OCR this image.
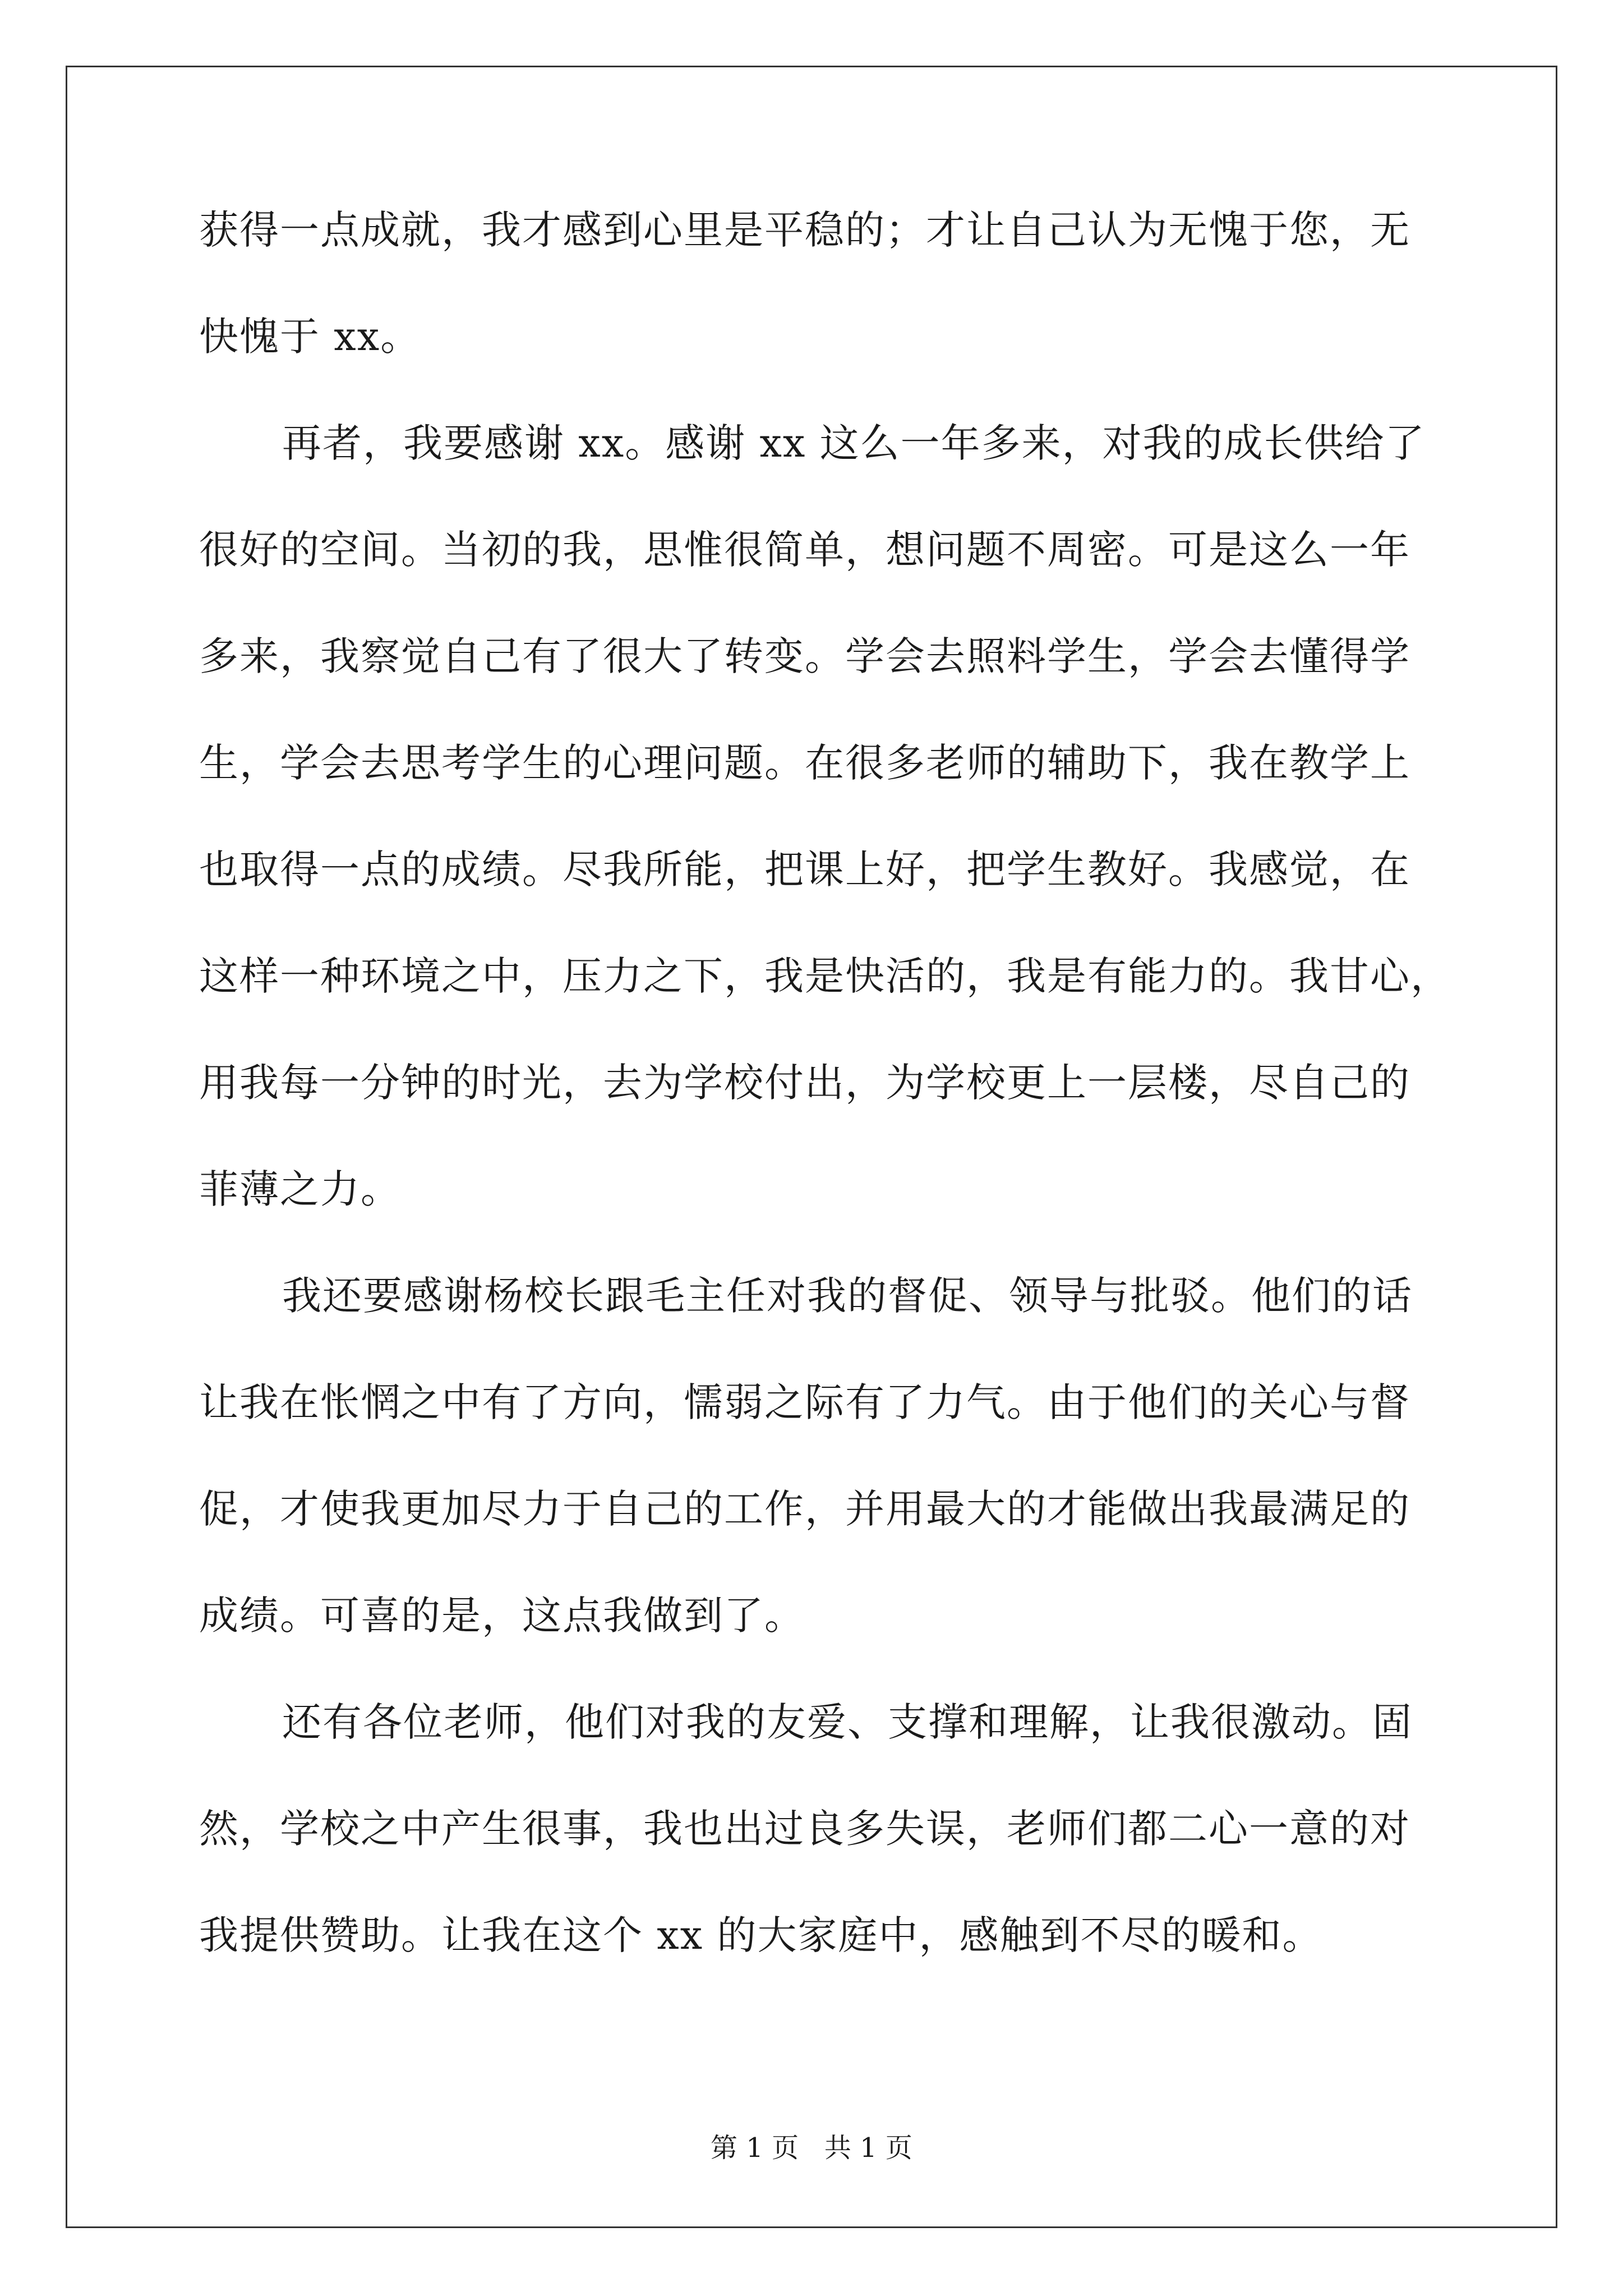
获得一点成就，我才感到心里是平稳的；才让自己认为无愧于您，无
快愧于 xx。
再者，我要感谢 xx。感谢 xx 这么一年多来，对我的成长供给了
很好的空间。当初的我，思惟很简单，想问题不周密。可是这么一年
多来，我察觉自己有了很大了转变。学会去照料学生，学会去懂得学
生，学会去思考学生的心理问题。在很多老师的辅助下，我在教学上
也取得一点的成绩。尽我所能，把课上好，把学生教好。我感觉，在
这样一种环境之中，压力之下，我是快活的，我是有能力的。我甘心，
用我每一分钟的时光，去为学校付出，为学校更上一层楼，尽自己的
菲薄之力。
我还要感谢杨校长跟毛主任对我的督促、领导与批驳。他们的话
让我在怅惘之中有了方向，懦弱之际有了力气。由于他们的关心与督
促，才使我更加尽力于自己的工作，并用最大的才能做出我最满足的
成绩。可喜的是，这点我做到了。
还有各位老师，他们对我的友爱、支撑和理解，让我很激动。固
然，学校之中产生很事，我也出过良多失误，老师们都二心一意的对
我提供赞助。让我在这个 xx 的大家庭中，感触到不尽的暖和。
第 1 页   共 1 页
